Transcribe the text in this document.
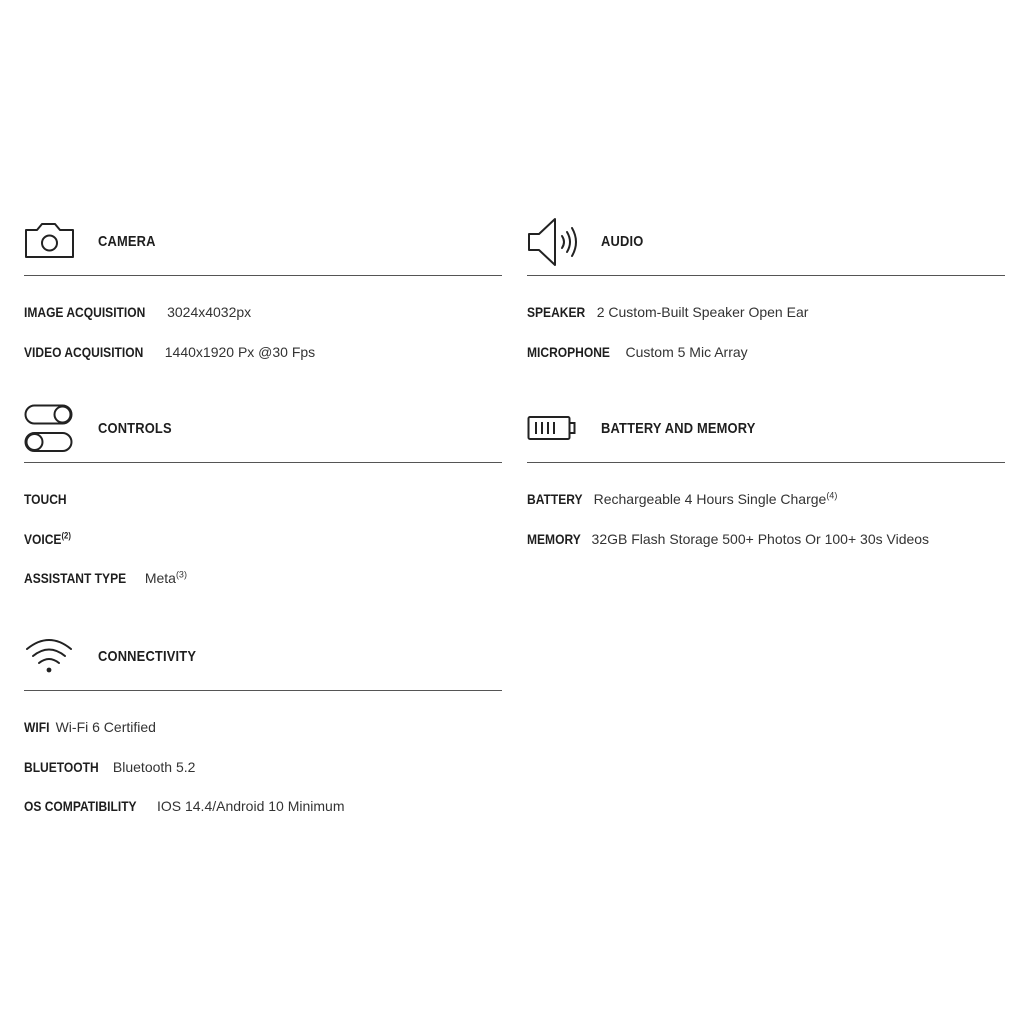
CAMERA
IMAGE ACQUISITION 3024x4032px
VIDEO ACQUISITION 1440x1920 Px @30 Fps
CONTROLS
TOUCH
VOICE$^{(2)}$
ASSISTANT TYPE Meta$^{(3)}$
CONNECTIVITY
WIFI Wi-Fi 6 Certified
BLUETOOTH Bluetooth 5.2
OS COMPATIBILITY IOS 14.4/Android 10 Minimum
AUDIO
SPEAKER 2 Custom-Built Speaker Open Ear
MICROPHONE Custom 5 Mic Array
BATTERY AND MEMORY
BATTERY Rechargeable 4 Hours Single Charge$^{(4)}$
MEMORY 32GB Flash Storage 500+ Photos Or 100+ 30s Videos
